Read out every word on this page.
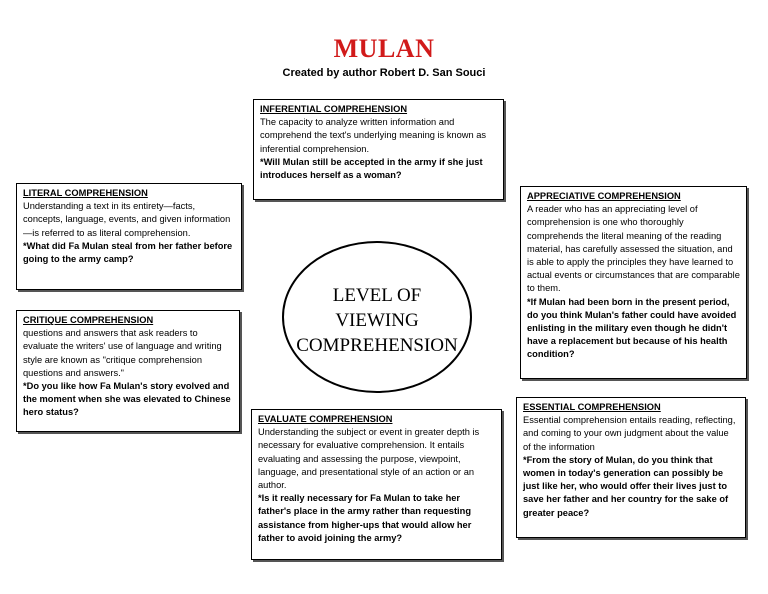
MULAN
Created by author Robert D. San Souci
INFERENTIAL COMPREHENSION
The capacity to analyze written information and comprehend the text's underlying meaning is known as inferential comprehension.
*Will Mulan still be accepted in the army if she just introduces herself as a woman?
LITERAL COMPREHENSION
Understanding a text in its entirety—facts, concepts, language, events, and given information—is referred to as literal comprehension.
*What did Fa Mulan steal from her father before going to the army camp?
APPRECIATIVE COMPREHENSION
A reader who has an appreciating level of comprehension is one who thoroughly comprehends the literal meaning of the reading material, has carefully assessed the situation, and is able to apply the principles they have learned to actual events or circumstances that are comparable to them.
*If Mulan had been born in the present period, do you think Mulan's father could have avoided enlisting in the military even though he didn't have a replacement but because of his health condition?
CRITIQUE COMPREHENSION
questions and answers that ask readers to evaluate the writers' use of language and writing style are known as "critique comprehension questions and answers."
*Do you like how Fa Mulan's story evolved and the moment when she was elevated to Chinese hero status?
LEVEL OF
VIEWING
COMPREHENSION
ESSENTIAL COMPREHENSION
Essential comprehension entails reading, reflecting, and coming to your own judgment about the value of the information
*From the story of Mulan, do you think that women in today's generation can possibly be just like her, who would offer their lives just to save her father and her country for the sake of greater peace?
EVALUATE COMPREHENSION
Understanding the subject or event in greater depth is necessary for evaluative comprehension. It entails evaluating and assessing the purpose, viewpoint, language, and presentational style of an action or an author.
*Is it really necessary for Fa Mulan to take her father's place in the army rather than requesting assistance from higher-ups that would allow her father to avoid joining the army?
